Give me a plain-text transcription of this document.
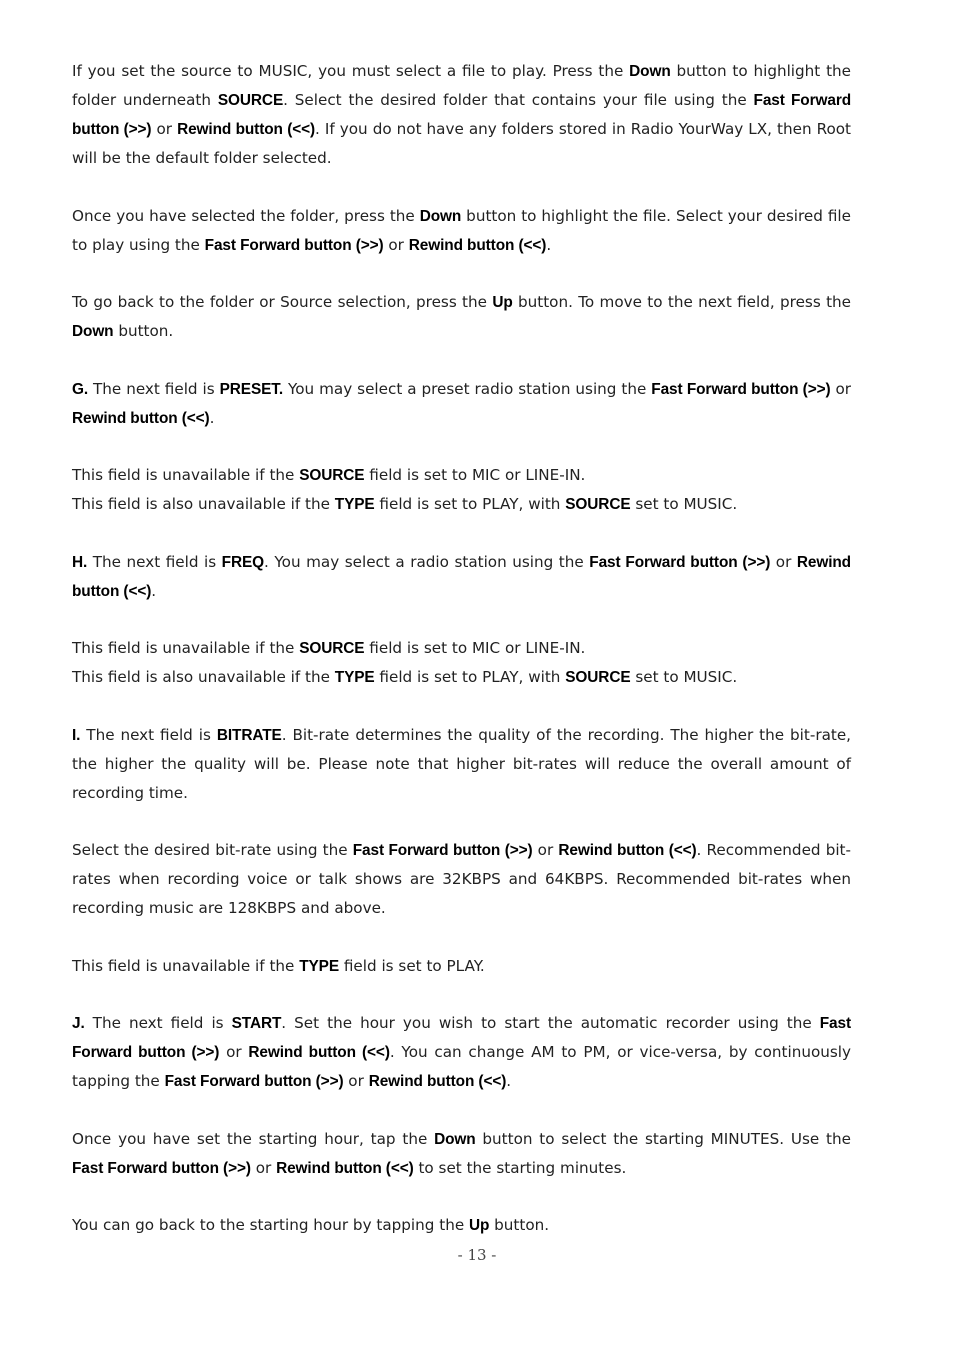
If you set the source to MUSIC, you must select a file to play. Press the Down button to highlight the folder underneath SOURCE. Select the desired folder that contains your file using the Fast Forward button (>>) or Rewind button (<<). If you do not have any folders stored in Radio YourWay LX, then Root will be the default folder selected.

Once you have selected the folder, press the Down button to highlight the file. Select your desired file to play using the Fast Forward button (>>) or Rewind button (<<).

To go back to the folder or Source selection, press the Up button. To move to the next field, press the Down button.

G. The next field is PRESET. You may select a preset radio station using the Fast Forward button (>>) or Rewind button (<<).

This field is unavailable if the SOURCE field is set to MIC or LINE-IN.
This field is also unavailable if the TYPE field is set to PLAY, with SOURCE set to MUSIC.

H. The next field is FREQ. You may select a radio station using the Fast Forward button (>>) or Rewind button (<<).

This field is unavailable if the SOURCE field is set to MIC or LINE-IN.
This field is also unavailable if the TYPE field is set to PLAY, with SOURCE set to MUSIC.

I. The next field is BITRATE. Bit-rate determines the quality of the recording. The higher the bit-rate, the higher the quality will be. Please note that higher bit-rates will reduce the overall amount of recording time.

Select the desired bit-rate using the Fast Forward button (>>) or Rewind button (<<). Recommended bit-rates when recording voice or talk shows are 32KBPS and 64KBPS. Recommended bit-rates when recording music are 128KBPS and above.

This field is unavailable if the TYPE field is set to PLAY.

J. The next field is START. Set the hour you wish to start the automatic recorder using the Fast Forward button (>>) or Rewind button (<<). You can change AM to PM, or vice-versa, by continuously tapping the Fast Forward button (>>) or Rewind button (<<).

Once you have set the starting hour, tap the Down button to select the starting MINUTES. Use the Fast Forward button (>>) or Rewind button (<<) to set the starting minutes.

You can go back to the starting hour by tapping the Up button.

- 13 -
